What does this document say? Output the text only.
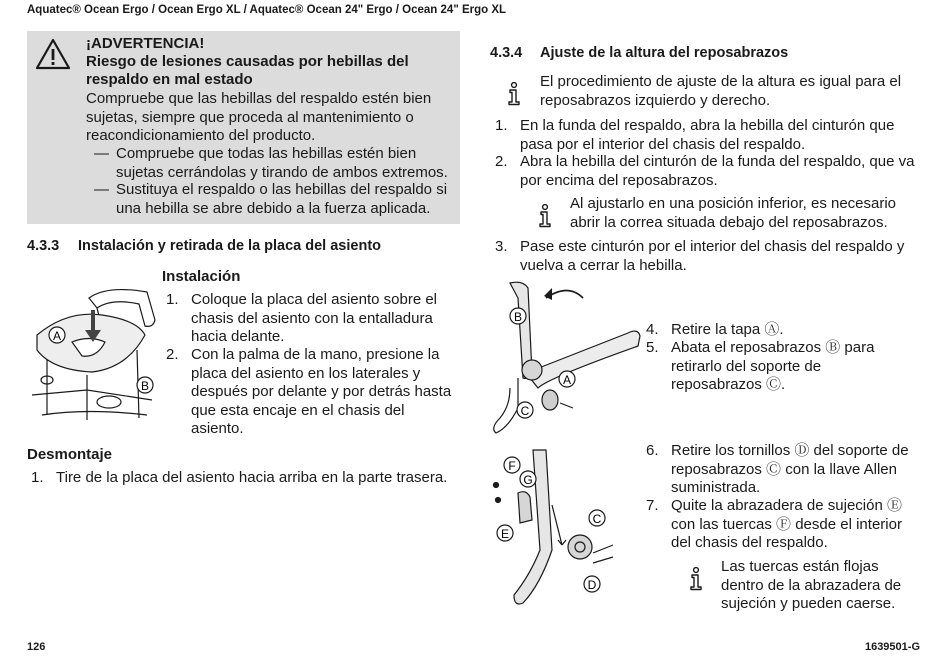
Aquatec® Ocean Ergo / Ocean Ergo XL / Aquatec® Ocean 24" Ergo / Ocean 24" Ergo XL
¡ADVERTENCIA!
Riesgo de lesiones causadas por hebillas del respaldo en mal estado
Compruebe que las hebillas del respaldo estén bien sujetas, siempre que proceda al mantenimiento o reacondicionamiento del producto.
— Compruebe que todas las hebillas estén bien sujetas cerrándolas y tirando de ambos extremos.
— Sustituya el respaldo o las hebillas del respaldo si una hebilla se abre debido a la fuerza aplicada.
4.3.3 Instalación y retirada de la placa del asiento
Instalación
A
B
1. Coloque la placa del asiento sobre el chasis del asiento con la entalladura hacia delante.
2. Con la palma de la mano, presione la placa del asiento en los laterales y después por delante y por detrás hasta que esta encaje en el chasis del asiento.
Desmontaje
1. Tire de la placa del asiento hacia arriba en la parte trasera.
4.3.4 Ajuste de la altura del reposabrazos
El procedimiento de ajuste de la altura es igual para el reposabrazos izquierdo y derecho.
1. En la funda del respaldo, abra la hebilla del cinturón que pasa por el interior del chasis del respaldo.
2. Abra la hebilla del cinturón de la funda del respaldo, que va por encima del reposabrazos.
Al ajustarlo en una posición inferior, es necesario abrir la correa situada debajo del reposabrazos.
3. Pase este cinturón por el interior del chasis del respaldo y vuelva a cerrar la hebilla.
B
A
C
4. Retire la tapa Ⓐ.
5. Abata el reposabrazos Ⓑ para retirarlo del soporte de reposabrazos Ⓒ.
F
G
E
C
D
6. Retire los tornillos Ⓓ del soporte de reposabrazos Ⓒ con la llave Allen suministrada.
7. Quite la abrazadera de sujeción Ⓔ con las tuercas Ⓕ desde el interior del chasis del respaldo.
Las tuercas están flojas dentro de la abrazadera de sujeción y pueden caerse.
126	1639501-G
